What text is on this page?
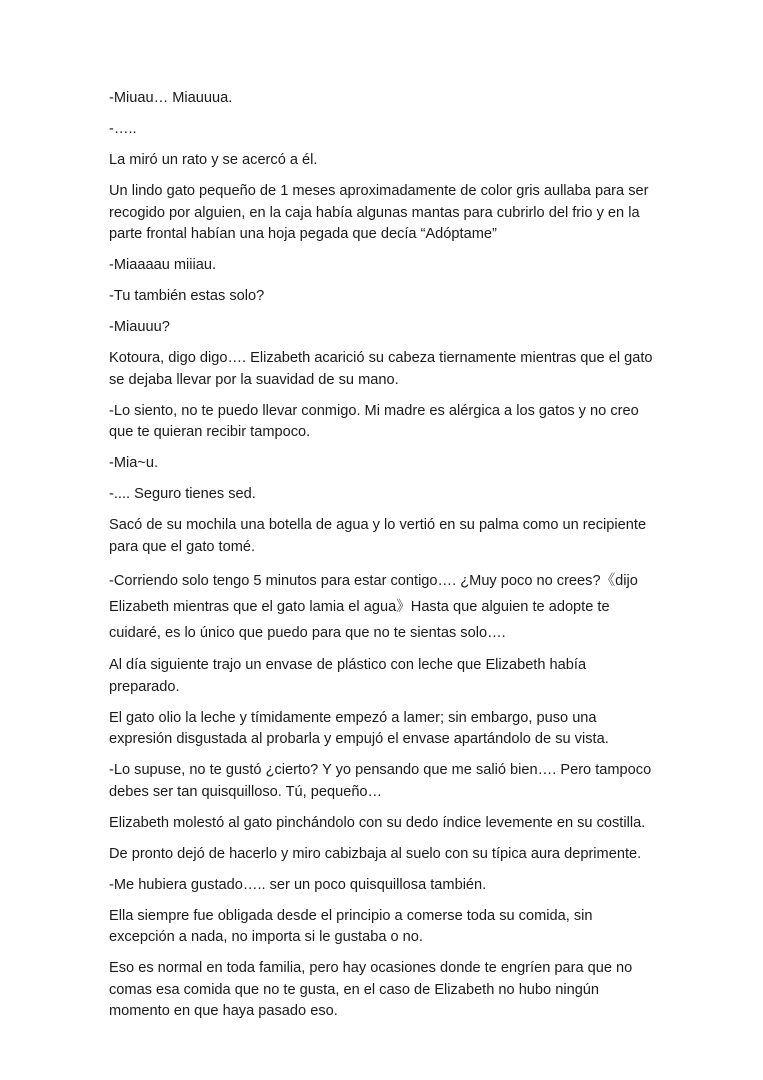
-Miuau… Miauuua.

-…..

La miró un rato y se acercó a él.

Un lindo gato pequeño de 1 meses aproximadamente de color gris aullaba para ser recogido por alguien, en la caja había algunas mantas para cubrirlo del frio y en la parte frontal habían una hoja pegada que decía “Adóptame”

-Miaaaau miiiau.

-Tu también estas solo?

-Miauuu?

Kotoura, digo digo…. Elizabeth acarició su cabeza tiernamente mientras que el gato se dejaba llevar por la suavidad de su mano.

-Lo siento, no te puedo llevar conmigo. Mi madre es alérgica a los gatos y no creo que te quieran recibir tampoco.

-Mia~u.

-.... Seguro tienes sed.

Sacó de su mochila una botella de agua y lo vertió en su palma como un recipiente para que el gato tomé.

-Corriendo solo tengo 5 minutos para estar contigo…. ¿Muy poco no crees?《dijo Elizabeth mientras que el gato lamia el agua》Hasta que alguien te adopte te cuidaré, es lo único que puedo para que no te sientas solo….

Al día siguiente trajo un envase de plástico con leche que Elizabeth había preparado.

El gato olio la leche y tímidamente empezó a lamer; sin embargo, puso una expresión disgustada al probarla y empujó el envase apartándolo de su vista.

-Lo supuse, no te gustó ¿cierto? Y yo pensando que me salió bien…. Pero tampoco debes ser tan quisquilloso. Tú, pequeño…

Elizabeth molestó al gato pinchándolo con su dedo índice levemente en su costilla.

De pronto dejó de hacerlo y miro cabizbaja al suelo con su típica aura deprimente.

-Me hubiera gustado….. ser un poco quisquillosa también.

Ella siempre fue obligada desde el principio a comerse toda su comida, sin excepción a nada, no importa si le gustaba o no.

Eso es normal en toda familia, pero hay ocasiones donde te engríen para que no comas esa comida que no te gusta, en el caso de Elizabeth no hubo ningún momento en que haya pasado eso.
